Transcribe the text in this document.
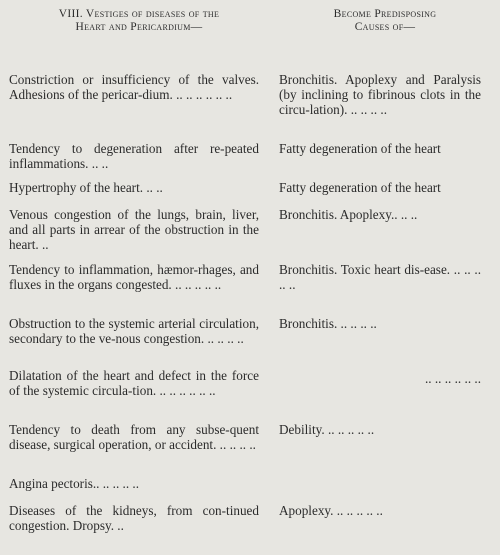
VIII. Vestiges of diseases of the
Heart and Pericardium—
Become Predisposing
Causes of—
Constriction or insufficiency of the valves. Adhesions of the pericar-dium. .. .. .. .. .. ..
Bronchitis. Apoplexy and Paralysis (by inclining to fibrinous clots in the circu-lation). .. .. .. ..
Tendency to degeneration after re-peated inflammations. .. ..
Fatty degeneration of the heart
Hypertrophy of the heart. .. ..	Fatty degeneration of the heart
Venous congestion of the lungs, brain, liver, and all parts in arrear of the obstruction in the heart. ..
Bronchitis. Apoplexy.. .. ..
Tendency to inflammation, hæmor-rhages, and fluxes in the organs congested. .. .. .. .. ..
Bronchitis. Toxic heart dis-ease. .. .. .. .. ..
Obstruction to the systemic arterial circulation, secondary to the ve-nous congestion. .. .. .. ..
Bronchitis. .. .. .. ..
Dilatation of the heart and defect in the force of the systemic circula-tion. .. .. .. .. .. ..
.. .. .. .. .. ..
Tendency to death from any subse-quent disease, surgical operation, or accident. .. .. .. ..
Debility. .. .. .. .. ..
Angina pectoris.. .. .. .. ..
Diseases of the kidneys, from con-tinued congestion. Dropsy. ..
Apoplexy. .. .. .. .. ..
